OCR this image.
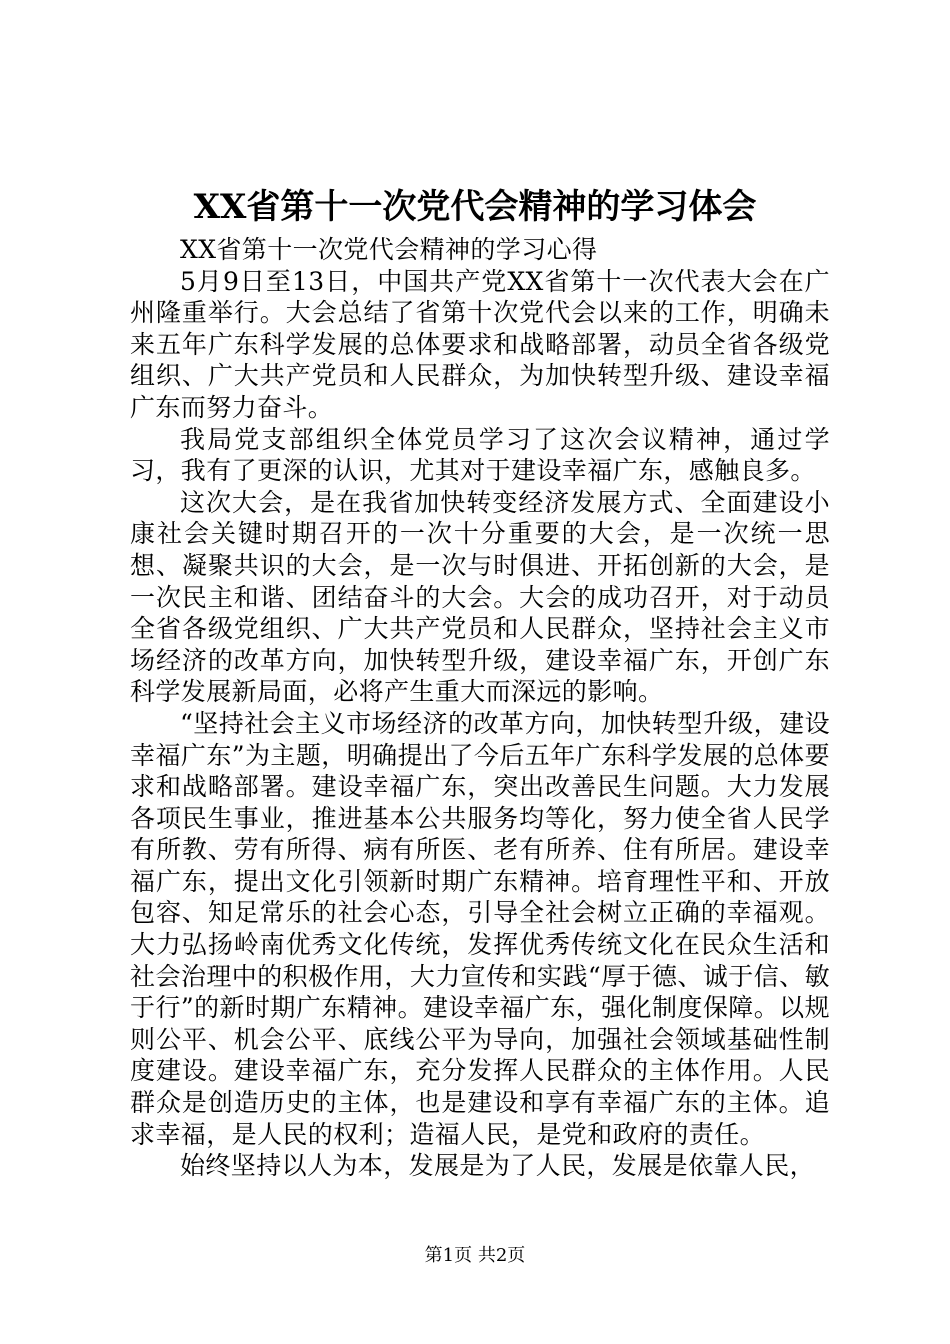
XX省第十一次党代会精神的学习体会

XX省第十一次党代会精神的学习心得

5月9日至13日，中国共产党XX省第十一次代表大会在广州隆重举行。大会总结了省第十次党代会以来的工作，明确未来五年广东科学发展的总体要求和战略部署，动员全省各级党组织、广大共产党员和人民群众，为加快转型升级、建设幸福广东而努力奋斗。

我局党支部组织全体党员学习了这次会议精神，通过学习，我有了更深的认识，尤其对于建设幸福广东，感触良多。

这次大会，是在我省加快转变经济发展方式、全面建设小康社会关键时期召开的一次十分重要的大会，是一次统一思想、凝聚共识的大会，是一次与时俱进、开拓创新的大会，是一次民主和谐、团结奋斗的大会。大会的成功召开，对于动员全省各级党组织、广大共产党员和人民群众，坚持社会主义市场经济的改革方向，加快转型升级，建设幸福广东，开创广东科学发展新局面，必将产生重大而深远的影响。

“坚持社会主义市场经济的改革方向，加快转型升级，建设幸福广东”为主题，明确提出了今后五年广东科学发展的总体要求和战略部署。建设幸福广东，突出改善民生问题。大力发展各项民生事业，推进基本公共服务均等化，努力使全省人民学有所教、劳有所得、病有所医、老有所养、住有所居。建设幸福广东，提出文化引领新时期广东精神。培育理性平和、开放包容、知足常乐的社会心态，引导全社会树立正确的幸福观。大力弘扬岭南优秀文化传统，发挥优秀传统文化在民众生活和社会治理中的积极作用，大力宣传和实践“厚于德、诚于信、敏于行”的新时期广东精神。建设幸福广东，强化制度保障。以规则公平、机会公平、底线公平为导向，加强社会领域基础性制度建设。建设幸福广东，充分发挥人民群众的主体作用。人民群众是创造历史的主体，也是建设和享有幸福广东的主体。追求幸福，是人民的权利；造福人民，是党和政府的责任。

始终坚持以人为本，发展是为了人民，发展是依靠人民，

第1页 共2页
